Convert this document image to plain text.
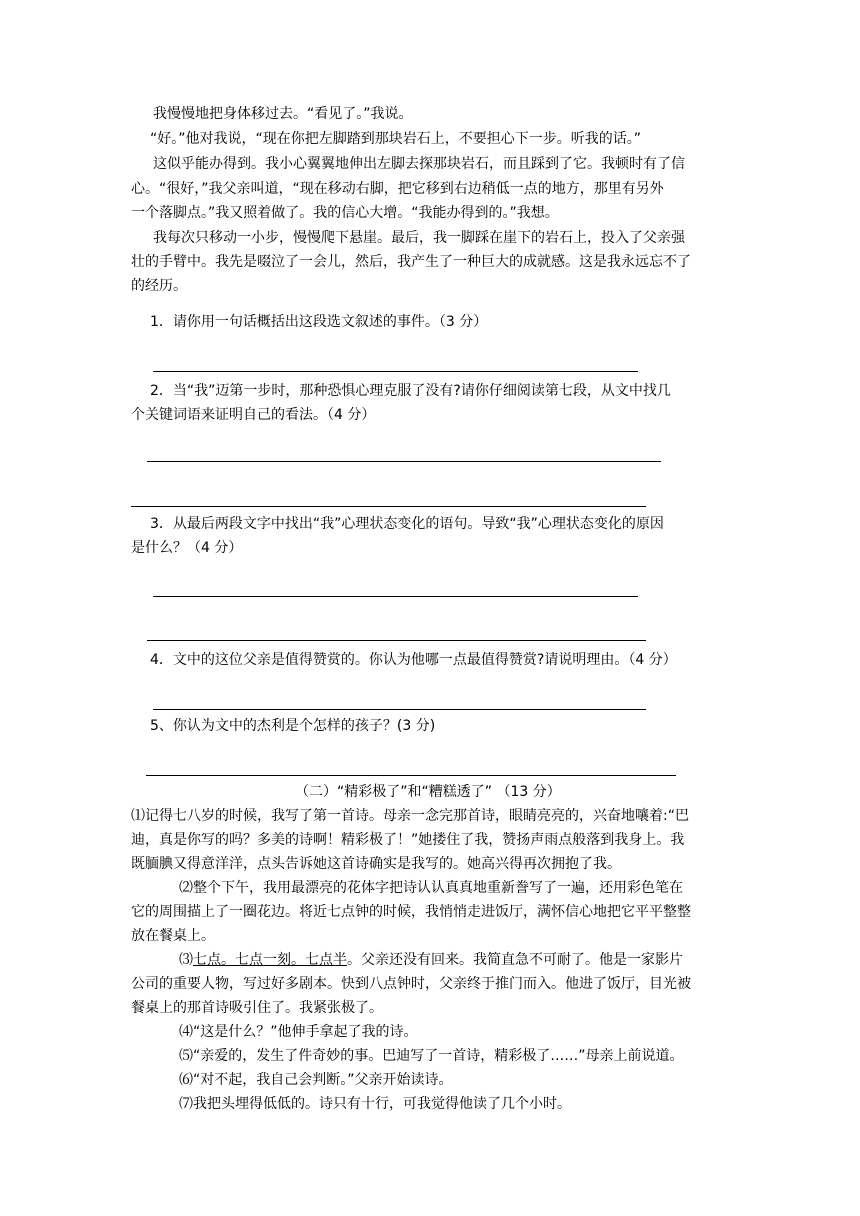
我慢慢地把身体移过去。“看见了。”我说。
“好。”他对我说，“现在你把左脚踏到那块岩石上，不要担心下一步。听我的话。”
这似乎能办得到。我小心翼翼地伸出左脚去探那块岩石，而且踩到了它。我顿时有了信
心。“很好，”我父亲叫道，“现在移动右脚，把它移到右边稍低一点的地方，那里有另外
一个落脚点。”我又照着做了。我的信心大增。“我能办得到的。”我想。
我每次只移动一小步，慢慢爬下悬崖。最后，我一脚踩在崖下的岩石上，投入了父亲强
壮的手臂中。我先是啜泣了一会儿，然后，我产生了一种巨大的成就感。这是我永远忘不了
的经历。
1．请你用一句话概括出这段选文叙述的事件。（3 分）
2．当“我”迈第一步时，那种恐惧心理克服了没有?请你仔细阅读第七段，从文中找几
个关键词语来证明自己的看法。（4 分）
3．从最后两段文字中找出“我”心理状态变化的语句。导致“我”心理状态变化的原因
是什么？（4 分）
4．文中的这位父亲是值得赞赏的。你认为他哪一点最值得赞赏?请说明理由。（4 分）
5、你认为文中的杰利是个怎样的孩子？(3 分)
（二）“精彩极了”和“糟糕透了” （13 分）
⑴记得七八岁的时候，我写了第一首诗。母亲一念完那首诗，眼睛亮亮的，兴奋地嚷着:“巴
迪，真是你写的吗？多美的诗啊！精彩极了！”她搂住了我，赞扬声雨点般落到我身上。我
既腼腆又得意洋洋，点头告诉她这首诗确实是我写的。她高兴得再次拥抱了我。
⑵整个下午，我用最漂亮的花体字把诗认认真真地重新誊写了一遍，还用彩色笔在
它的周围描上了一圈花边。将近七点钟的时候，我悄悄走进饭厅，满怀信心地把它平平整整
放在餐桌上。
⑶七点。七点一刻。七点半。父亲还没有回来。我简直急不可耐了。他是一家影片
公司的重要人物，写过好多剧本。快到八点钟时，父亲终于推门而入。他进了饭厅，目光被
餐桌上的那首诗吸引住了。我紧张极了。
⑷“这是什么？”他伸手拿起了我的诗。
⑸“亲爱的，发生了件奇妙的事。巴迪写了一首诗，精彩极了……”母亲上前说道。
⑹“对不起，我自己会判断。”父亲开始读诗。
⑺我把头埋得低低的。诗只有十行，可我觉得他读了几个小时。
